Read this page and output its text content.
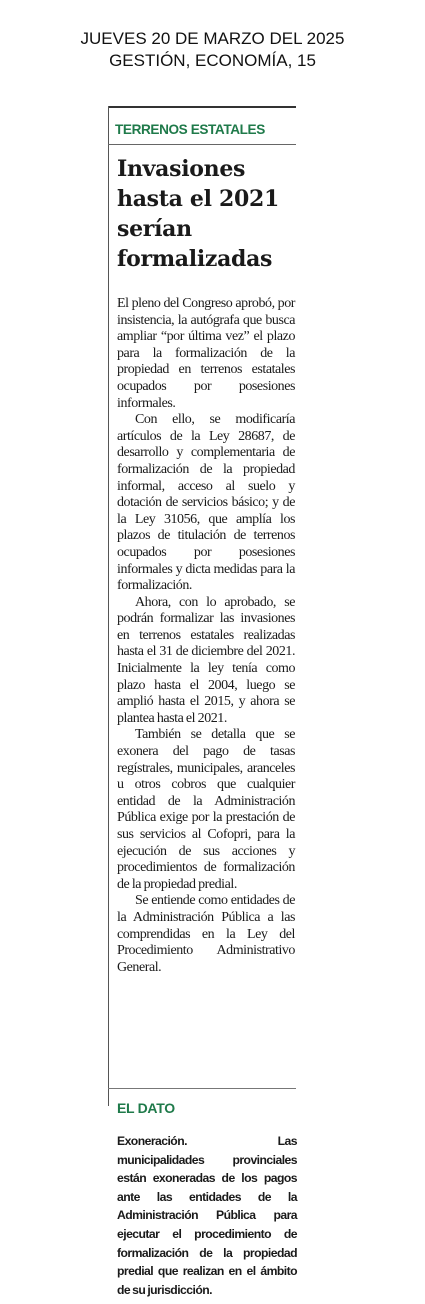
JUEVES 20 DE MARZO DEL 2025
GESTIÓN, ECONOMÍA, 15
TERRENOS ESTATALES
Invasiones hasta el 2021 serían formalizadas

El pleno del Congreso aprobó, por insistencia, la autógrafa que busca ampliar “por última vez” el plazo para la formalización de la propiedad en terrenos estatales ocupados por posesiones informales.

Con ello, se modificaría artículos de la Ley 28687, de desarrollo y complementaria de formalización de la propiedad informal, acceso al suelo y dotación de servicios básico; y de la Ley 31056, que amplía los plazos de titulación de terrenos ocupados por posesiones informales y dicta medidas para la formalización.

Ahora, con lo aprobado, se podrán formalizar las invasiones en terrenos estatales realizadas hasta el 31 de diciembre del 2021. Inicialmente la ley tenía como plazo hasta el 2004, luego se amplió hasta el 2015, y ahora se plantea hasta el 2021.

También se detalla que se exonera del pago de tasas regístrales, municipales, aranceles u otros cobros que cualquier entidad de la Administración Pública exige por la prestación de sus servicios al Cofopri, para la ejecución de sus acciones y procedimientos de formalización de la propiedad predial.

Se entiende como entidades de la Administración Pública a las comprendidas en la Ley del Procedimiento Administrativo General.

EL DATO
Exoneración. Las municipalidades provinciales están exoneradas de los pagos ante las entidades de la Administración Pública para ejecutar el procedimiento de formalización de la propiedad predial que realizan en el ámbito de su jurisdicción.
